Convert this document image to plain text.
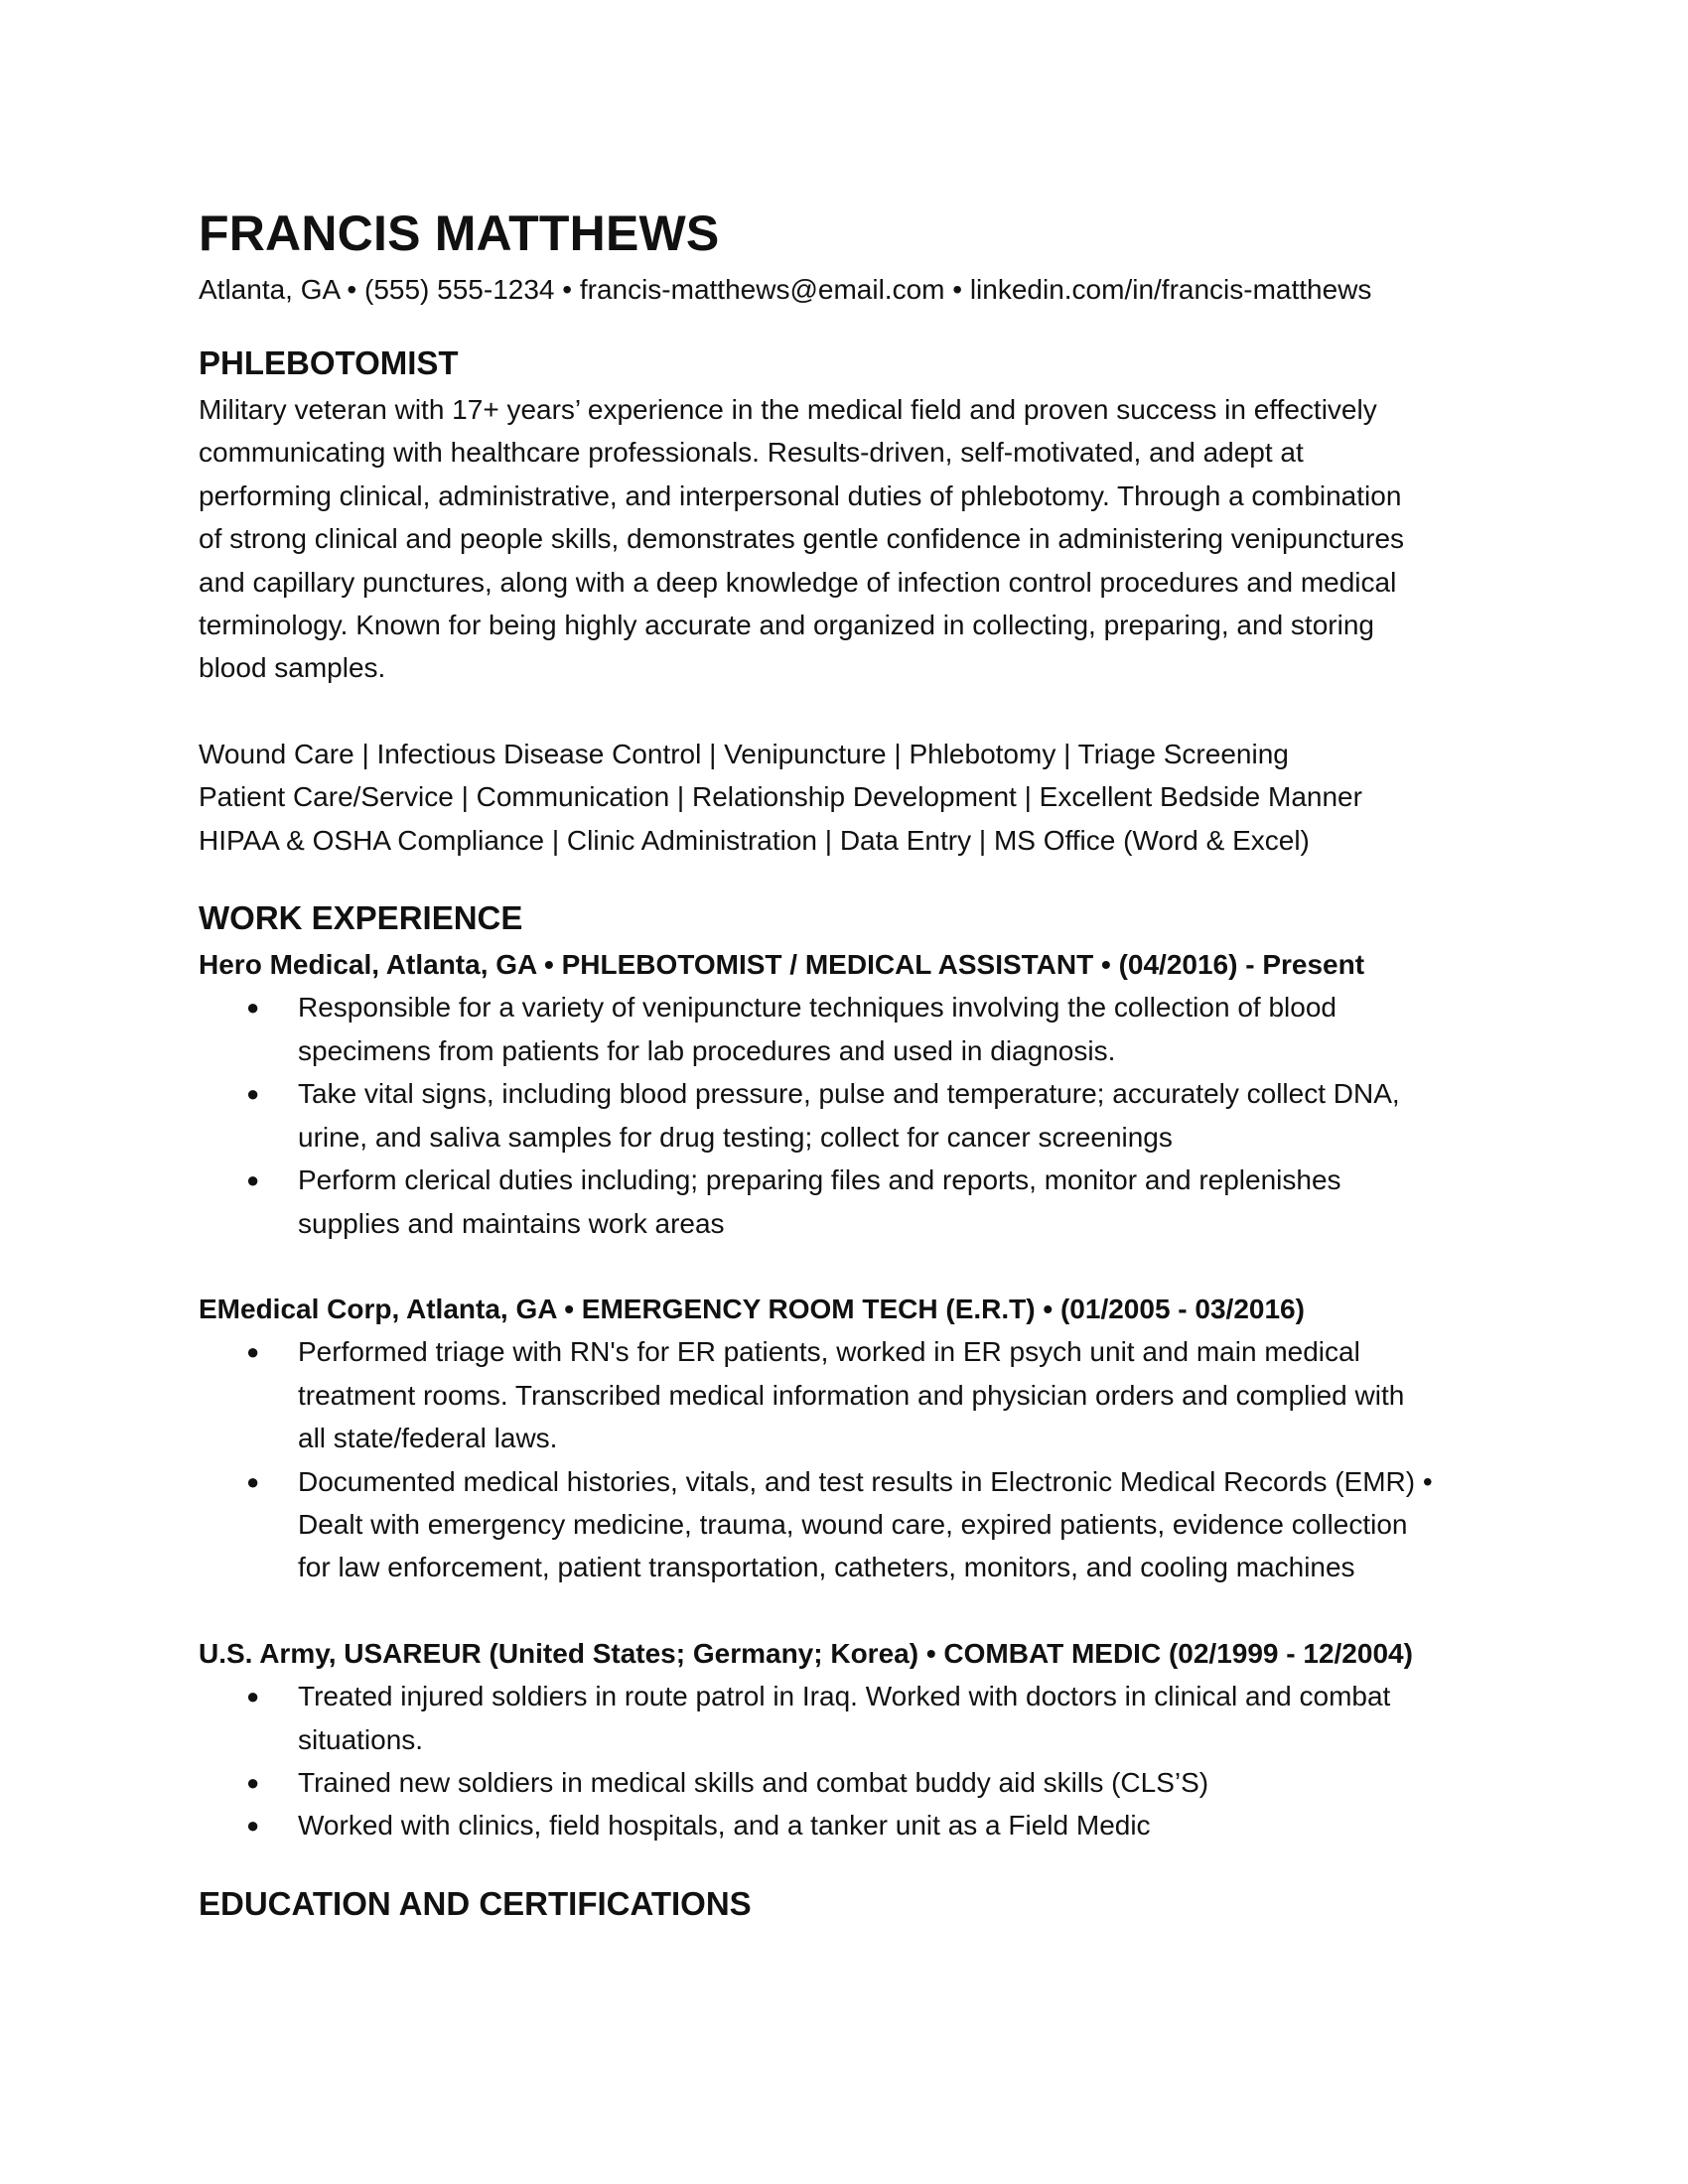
FRANCIS MATTHEWS

Atlanta, GA • (555) 555-1234 • francis-matthews@email.com • linkedin.com/in/francis-matthews

PHLEBOTOMIST
Military veteran with 17+ years’ experience in the medical field and proven success in effectively
communicating with healthcare professionals. Results-driven, self-motivated, and adept at
performing clinical, administrative, and interpersonal duties of phlebotomy. Through a combination
of strong clinical and people skills, demonstrates gentle confidence in administering venipunctures
and capillary punctures, along with a deep knowledge of infection control procedures and medical
terminology. Known for being highly accurate and organized in collecting, preparing, and storing
blood samples.
Wound Care | Infectious Disease Control | Venipuncture | Phlebotomy | Triage Screening
Patient Care/Service | Communication | Relationship Development | Excellent Bedside Manner
HIPAA & OSHA Compliance | Clinic Administration | Data Entry | MS Office (Word & Excel)
WORK EXPERIENCE
Hero Medical, Atlanta, GA • PHLEBOTOMIST / MEDICAL ASSISTANT • (04/2016) - Present
● Responsible for a variety of venipuncture techniques involving the collection of blood
specimens from patients for lab procedures and used in diagnosis.
● Take vital signs, including blood pressure, pulse and temperature; accurately collect DNA,
urine, and saliva samples for drug testing; collect for cancer screenings
● Perform clerical duties including; preparing files and reports, monitor and replenishes
supplies and maintains work areas
EMedical Corp, Atlanta, GA • EMERGENCY ROOM TECH (E.R.T) • (01/2005 - 03/2016)
● Performed triage with RN's for ER patients, worked in ER psych unit and main medical
treatment rooms. Transcribed medical information and physician orders and complied with
all state/federal laws.
● Documented medical histories, vitals, and test results in Electronic Medical Records (EMR) •
Dealt with emergency medicine, trauma, wound care, expired patients, evidence collection
for law enforcement, patient transportation, catheters, monitors, and cooling machines
U.S. Army, USAREUR (United States; Germany; Korea) • COMBAT MEDIC (02/1999 - 12/2004)
● Treated injured soldiers in route patrol in Iraq. Worked with doctors in clinical and combat
situations.
● Trained new soldiers in medical skills and combat buddy aid skills (CLS’S)
● Worked with clinics, field hospitals, and a tanker unit as a Field Medic
EDUCATION AND CERTIFICATIONS
